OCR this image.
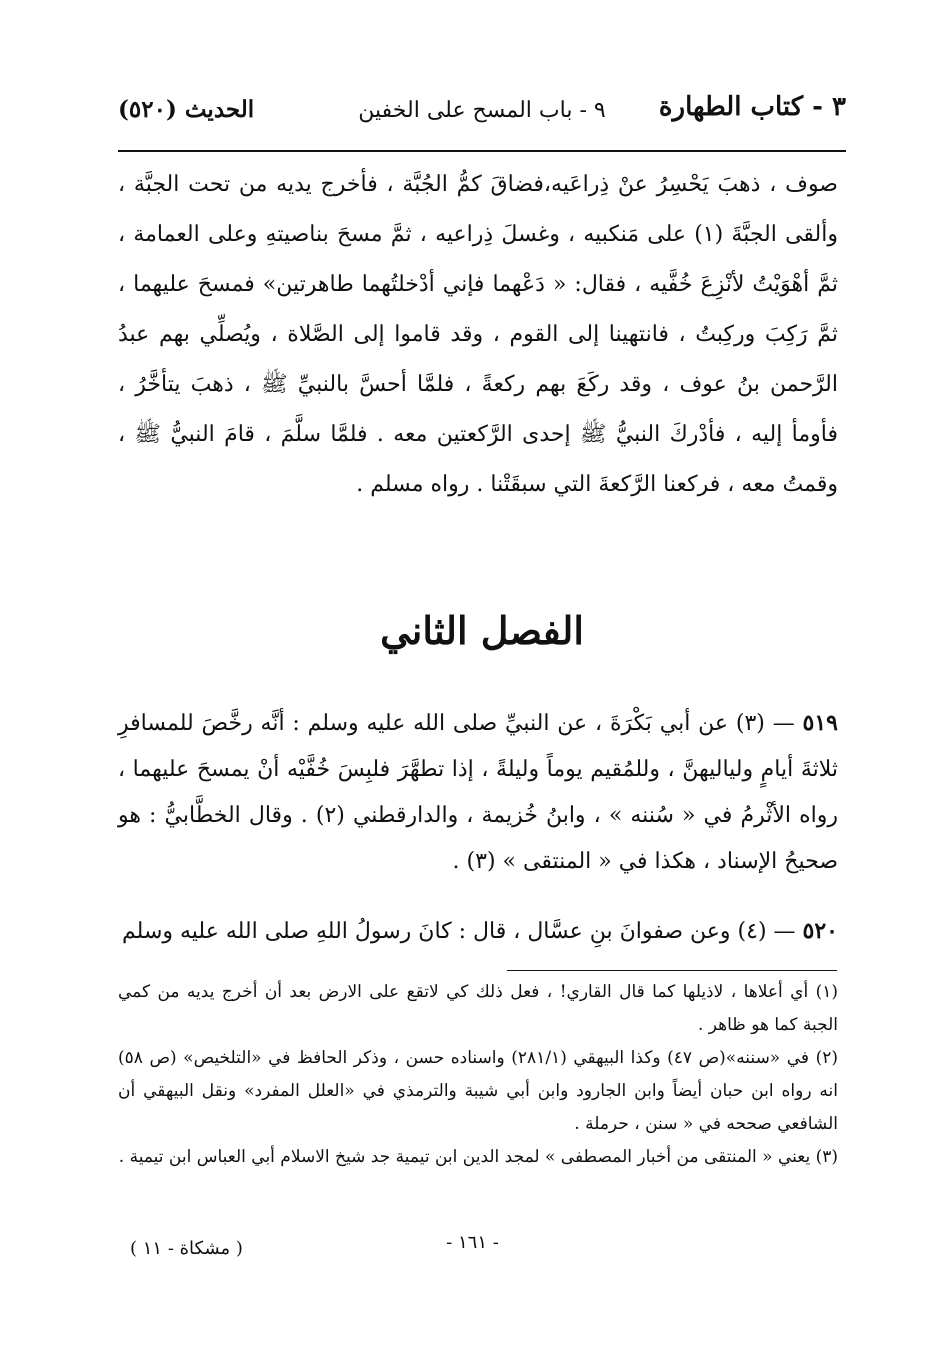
٣ - كتاب الطهارة
٩ - باب المسح على الخفين
الحديث (٥٢٠)
صوف ، ذهبَ يَحْسِرُ عنْ ذِراعَيه،فضاقَ كمُّ الجُبَّة ، فأخرج يديه من تحت الجبَّة ، وألقى الجبَّةَ (١) على مَنكبيه ، وغسلَ ذِراعيه ، ثمَّ مسحَ بناصيتهِ وعلى العمامة ، ثمَّ أهْوَيْتُ لأنْزِعَ خُفَّيه ، فقال: « دَعْهما فإني أدْخلتُهما طاهرتين» فمسحَ عليهما ، ثمَّ رَكِبَ وركِبتُ ، فانتهينا إلى القوم ، وقد قاموا إلى الصَّلاة ، ويُصلِّي بهم عبدُ الرَّحمن بنُ عوف ، وقد ركَعَ بهم ركعةً ، فلمَّا أحسَّ بالنبيِّ ﷺ ، ذهبَ يتأخَّرُ ، فأومأ إليه ، فأدْركَ النبيُّ ﷺ إحدى الرَّكعتين معه . فلمَّا سلَّمَ ، قامَ النبيُّ ﷺ ، وقمتُ معه ، فركعنا الرَّكعةَ التي سبقَتْنا . رواه مسلم .
الفصل الثاني
٥١٩ — (٣) عن أبي بَكْرَةَ ، عن النبيِّ صلى الله عليه وسلم : أنَّه رخَّصَ للمسافرِ ثلاثةَ أيامٍ ولياليهنَّ ، وللمُقيم يوماً وليلةً ، إذا تطهَّرَ فلبِسَ خُفَّيْه أنْ يمسحَ عليهما ، رواه الأثْرمُ في « سُننه » ، وابنُ خُزيمة ، والدارقطني (٢) . وقال الخطَّابيُّ : هو صحيحُ الإسناد ، هكذا في « المنتقى » (٣) .
٥٢٠ — (٤) وعن صفوانَ بنِ عسَّال ، قال : كانَ رسولُ اللهِ صلى الله عليه وسلم

(١) أي أعلاها ، لاذيلها كما قال القاري! ، فعل ذلك كي لاتقع على الارض بعد أن أخرج يديه من كمي الجبة كما هو ظاهر .

(٢) في «سننه»(ص ٤٧) وكذا البيهقي (٢٨١/١) واسناده حسن ، وذكر الحافظ في «التلخيص» (ص ٥٨) انه رواه ابن حبان أيضاً وابن الجارود وابن أبي شيبة والترمذي في «العلل المفرد» ونقل البيهقي أن الشافعي صححه في « سنن ، حرملة .

(٣) يعني « المنتقى من أخبار المصطفى » لمجد الدين ابن تيمية جد شيخ الاسلام أبي العباس ابن تيمية .

( مشكاة - ١١ )	- ١٦١ -
